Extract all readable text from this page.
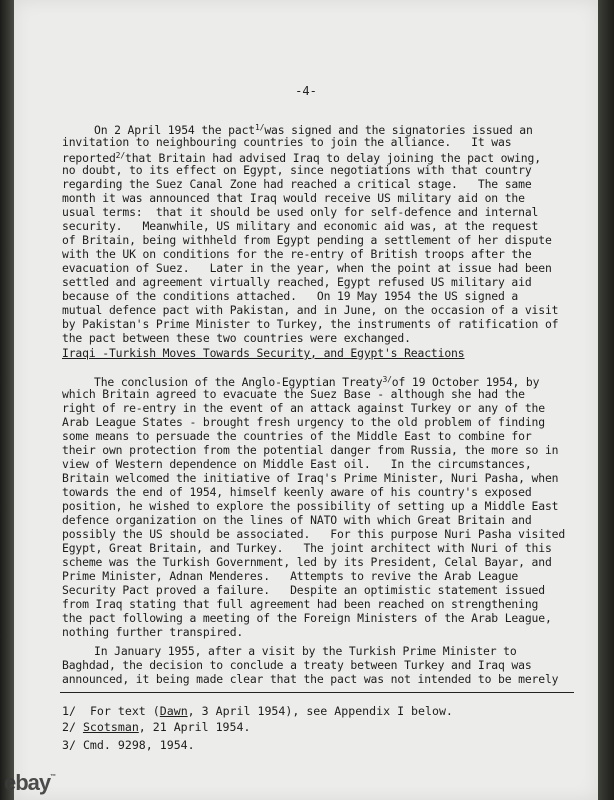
-4-
On 2 April 1954 the pact$^{1/}$was signed and the signatories issued an
invitation to neighbouring countries to join the alliance.   It was
reported$^{2/}$that Britain had advised Iraq to delay joining the pact owing,
no doubt, to its effect on Egypt, since negotiations with that country
regarding the Suez Canal Zone had reached a critical stage.   The same
month it was announced that Iraq would receive US military aid on the
usual terms:  that it should be used only for self-defence and internal
security.   Meanwhile, US military and economic aid was, at the request
of Britain, being withheld from Egypt pending a settlement of her dispute
with the UK on conditions for the re-entry of British troops after the
evacuation of Suez.   Later in the year, when the point at issue had been
settled and agreement virtually reached, Egypt refused US military aid
because of the conditions attached.   On 19 May 1954 the US signed a
mutual defence pact with Pakistan, and in June, on the occasion of a visit
by Pakistan's Prime Minister to Turkey, the instruments of ratification of
the pact between these two countries were exchanged.
Iraqi -Turkish Moves Towards Security, and Egypt's Reactions
The conclusion of the Anglo-Egyptian Treaty$^{3/}$of 19 October 1954, by
which Britain agreed to evacuate the Suez Base - although she had the
right of re-entry in the event of an attack against Turkey or any of the
Arab League States - brought fresh urgency to the old problem of finding
some means to persuade the countries of the Middle East to combine for
their own protection from the potential danger from Russia, the more so in
view of Western dependence on Middle East oil.   In the circumstances,
Britain welcomed the initiative of Iraq's Prime Minister, Nuri Pasha, when
towards the end of 1954, himself keenly aware of his country's exposed
position, he wished to explore the possibility of setting up a Middle East
defence organization on the lines of NATO with which Great Britain and
possibly the US should be associated.   For this purpose Nuri Pasha visited
Egypt, Great Britain, and Turkey.   The joint architect with Nuri of this
scheme was the Turkish Government, led by its President, Celal Bayar, and
Prime Minister, Adnan Menderes.   Attempts to revive the Arab League
Security Pact proved a failure.   Despite an optimistic statement issued
from Iraq stating that full agreement had been reached on strengthening
the pact following a meeting of the Foreign Ministers of the Arab League,
nothing further transpired.
In January 1955, after a visit by the Turkish Prime Minister to
Baghdad, the decision to conclude a treaty between Turkey and Iraq was
announced, it being made clear that the pact was not intended to be merely
1/ For text (Dawn, 3 April 1954), see Appendix I below.
2/ Scotsman, 21 April 1954.
3/ Cmd. 9298, 1954.
ebay™
